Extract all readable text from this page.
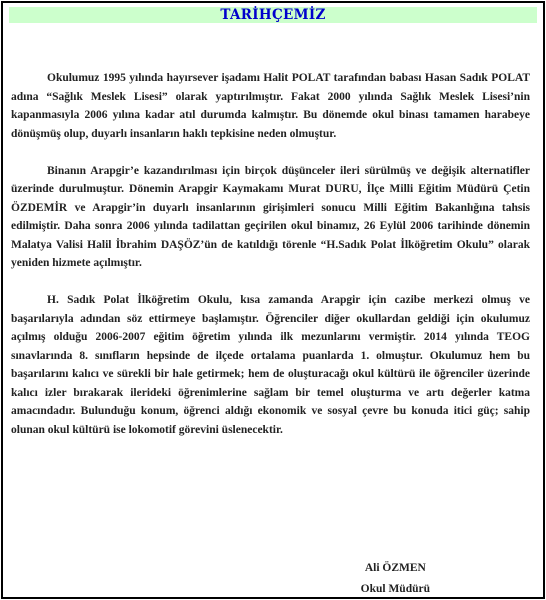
TARİHÇEMİZ

Okulumuz 1995 yılında hayırsever işadamı Halit POLAT tarafından babası Hasan Sadık POLAT adına “Sağlık Meslek Lisesi” olarak yaptırılmıştır. Fakat 2000 yılında Sağlık Meslek Lisesi’nin kapanmasıyla 2006 yılına kadar atıl durumda kalmıştır. Bu dönemde okul binası tamamen harabeye dönüşmüş olup, duyarlı insanların haklı tepkisine neden olmuştur.

Binanın Arapgir’e kazandırılması için birçok düşünceler ileri sürülmüş ve değişik alternatifler üzerinde durulmuştur. Dönemin Arapgir Kaymakamı Murat DURU, İlçe Milli Eğitim Müdürü Çetin ÖZDEMİR ve Arapgir’in duyarlı insanlarının girişimleri sonucu Milli Eğitim Bakanlığına tahsis edilmiştir. Daha sonra 2006 yılında tadilattan geçirilen okul binamız, 26 Eylül 2006 tarihinde dönemin Malatya Valisi Halil İbrahim DAŞÖZ’ün de katıldığı törenle “H.Sadık Polat İlköğretim Okulu” olarak yeniden hizmete açılmıştır.

H. Sadık Polat İlköğretim Okulu, kısa zamanda Arapgir için cazibe merkezi olmuş ve başarılarıyla adından söz ettirmeye başlamıştır. Öğrenciler diğer okullardan geldiği için okulumuz açılmış olduğu 2006-2007 eğitim öğretim yılında ilk mezunlarını vermiştir. 2014 yılında TEOG sınavlarında 8. sınıfların hepsinde de ilçede ortalama puanlarda 1. olmuştur. Okulumuz hem bu başarılarını kalıcı ve sürekli bir hale getirmek; hem de oluşturacağı okul kültürü ile öğrenciler üzerinde kalıcı izler bırakarak ilerideki öğrenimlerine sağlam bir temel oluşturma ve artı değerler katma amacındadır. Bulunduğu konum, öğrenci aldığı ekonomik ve sosyal çevre bu konuda itici güç; sahip olunan okul kültürü ise lokomotif görevini üslenecektir.

Ali ÖZMEN
Okul Müdürü
